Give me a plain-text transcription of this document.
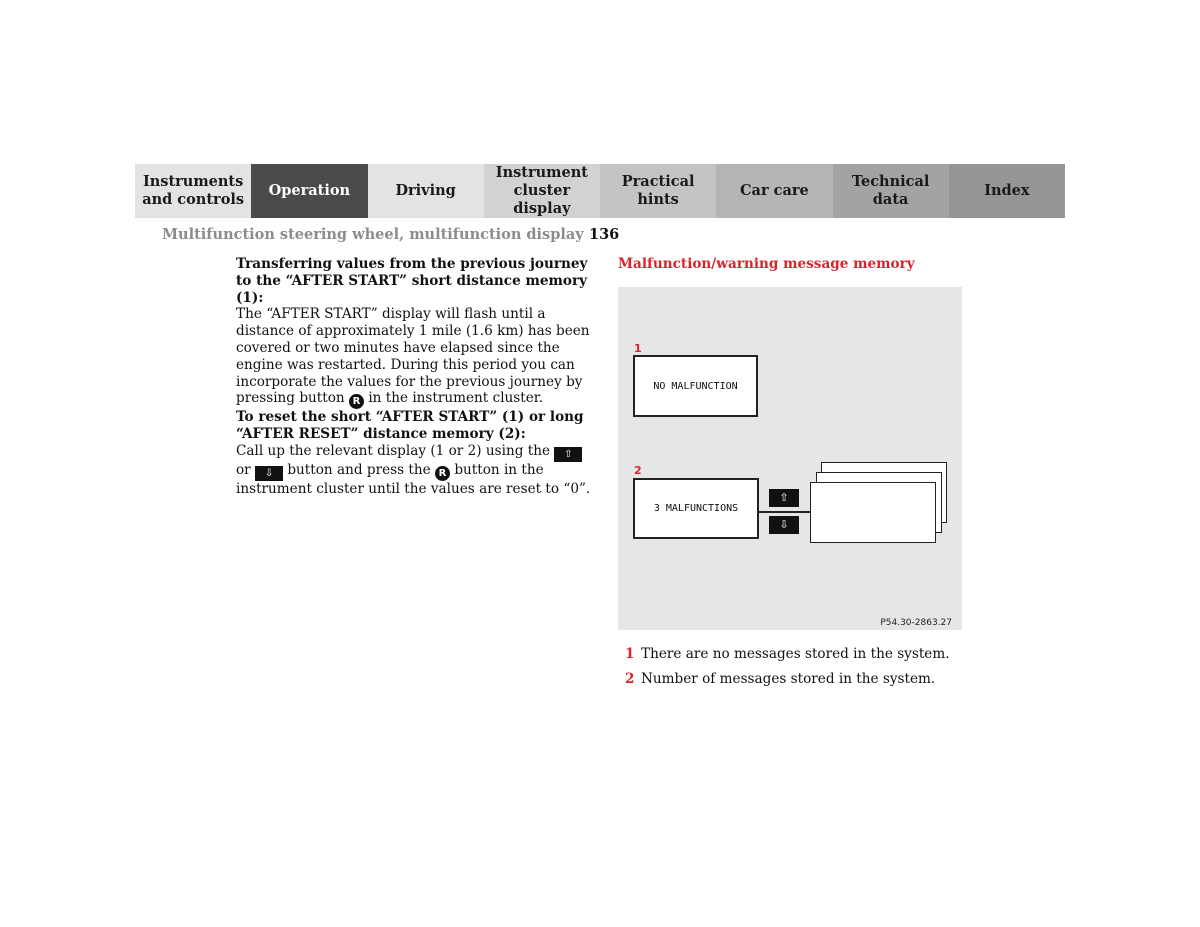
Instruments and controls
Operation	Driving
Instrument cluster display
Practical hints
Car care
Technical data
Index
Multifunction steering wheel, multifunction display 136
Transferring values from the previous journey to the “AFTER START” short distance memory (1):

The “AFTER START” display will flash until a distance of approximately 1 mile (1.6 km) has been covered or two minutes have elapsed since the engine was restarted. During this period you can incorporate the values for the previous journey by pressing button R in the instrument cluster.

To reset the short “AFTER START” (1) or long “AFTER RESET” distance memory (2):

Call up the relevant display (1 or 2) using the ⇧ or ⇩ button and press the R button in the instrument cluster until the values are reset to “0”.

Malfunction/warning message memory
1
NO MALFUNCTION
2
3 MALFUNCTIONS
⇧
⇩
P54.30-2863.27
1 There are no messages stored in the system.
2 Number of messages stored in the system.
